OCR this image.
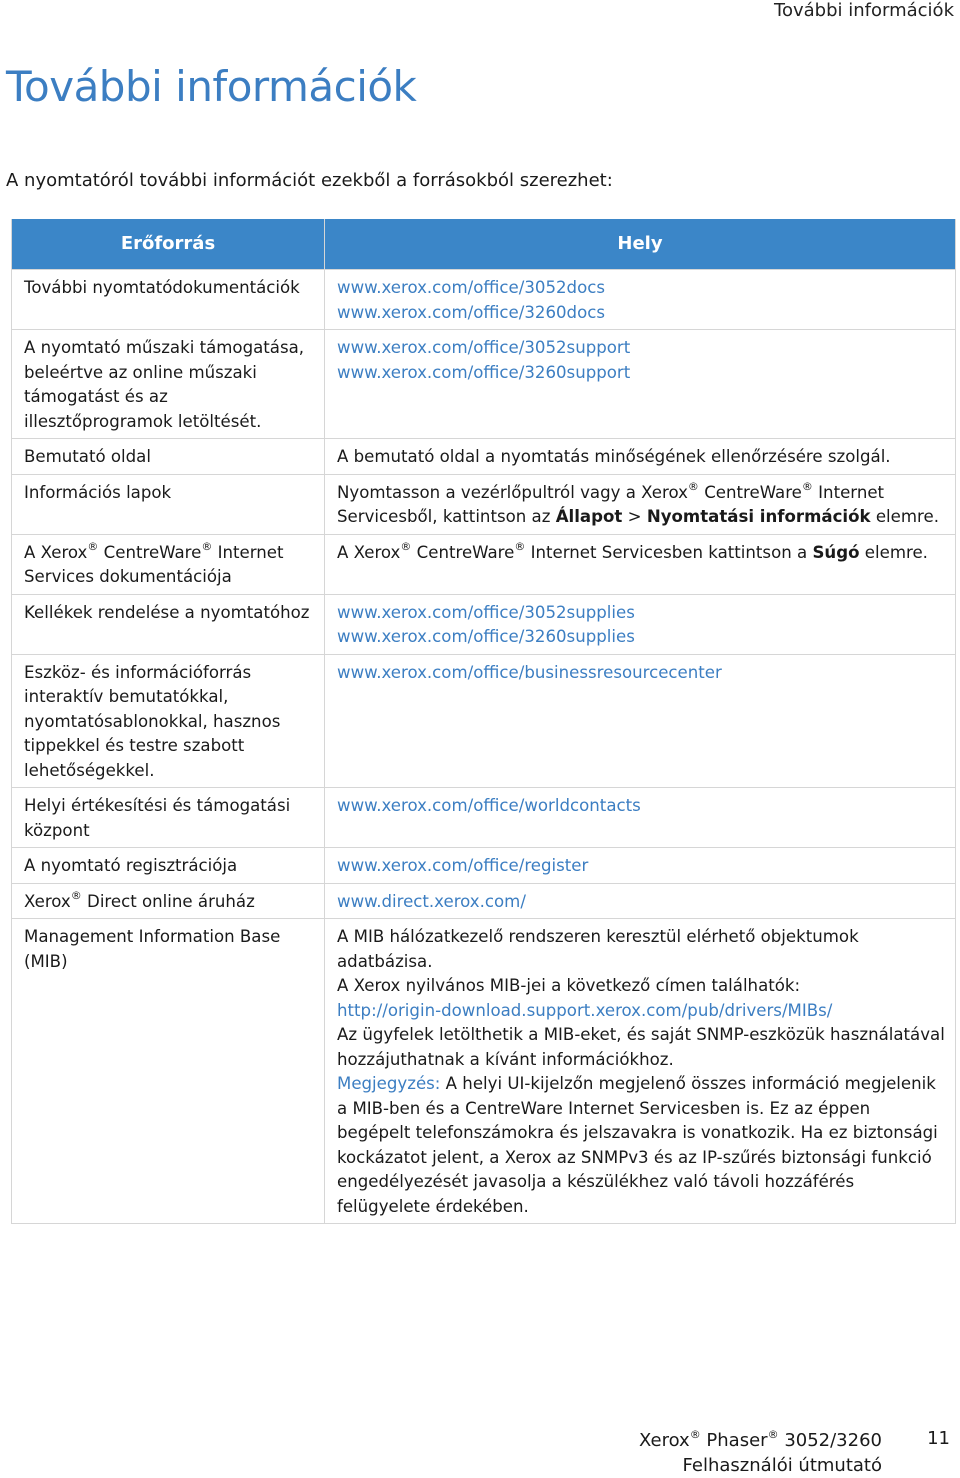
További információk
További információk
A nyomtatóról további információt ezekből a forrásokból szerezhet:
Erőforrás	Hely
További nyomtatódokumentációk	www.xerox.com/office/3052docs
www.xerox.com/office/3260docs

A nyomtató műszaki támogatása, beleértve az online műszaki támogatást és az illesztőprogramok letöltését.	www.xerox.com/office/3052support
www.xerox.com/office/3260support

Bemutató oldal	A bemutató oldal a nyomtatás minőségének ellenőrzésére szolgál.
Információs lapok	Nyomtasson a vezérlőpultról vagy a Xerox® CentreWare® Internet Servicesből, kattintson az Állapot > Nyomtatási információk elemre.
A Xerox® CentreWare® Internet Services dokumentációja	A Xerox® CentreWare® Internet Servicesben kattintson a Súgó elemre.
Kellékek rendelése a nyomtatóhoz	www.xerox.com/office/3052supplies
www.xerox.com/office/3260supplies

Eszköz- és információforrás interaktív bemutatókkal, nyomtatósablonokkal, hasznos tippekkel és testre szabott lehetőségekkel.	www.xerox.com/office/businessresourcecenter

Helyi értékesítési és támogatási központ	www.xerox.com/office/worldcontacts

A nyomtató regisztrációja	www.xerox.com/office/register

Xerox® Direct online áruház	www.direct.xerox.com/

Management Information Base (MIB)	A MIB hálózatkezelő rendszeren keresztül elérhető objektumok adatbázisa.
A Xerox nyilvános MIB-jei a következő címen találhatók:
http://origin-download.support.xerox.com/pub/drivers/MIBs/
Az ügyfelek letölthetik a MIB-eket, és saját SNMP-eszközük használatával hozzájuthatnak a kívánt információkhoz.
Megjegyzés: A helyi UI-kijelzőn megjelenő összes információ megjelenik a MIB-ben és a CentreWare Internet Servicesben is. Ez az éppen begépelt telefonszámokra és jelszavakra is vonatkozik. Ha ez biztonsági kockázatot jelent, a Xerox az SNMPv3 és az IP-szűrés biztonsági funkció engedélyezését javasolja a készülékhez való távoli hozzáférés felügyelete érdekében.
Xerox® Phaser® 3052/3260
Felhasználói útmutató
11
